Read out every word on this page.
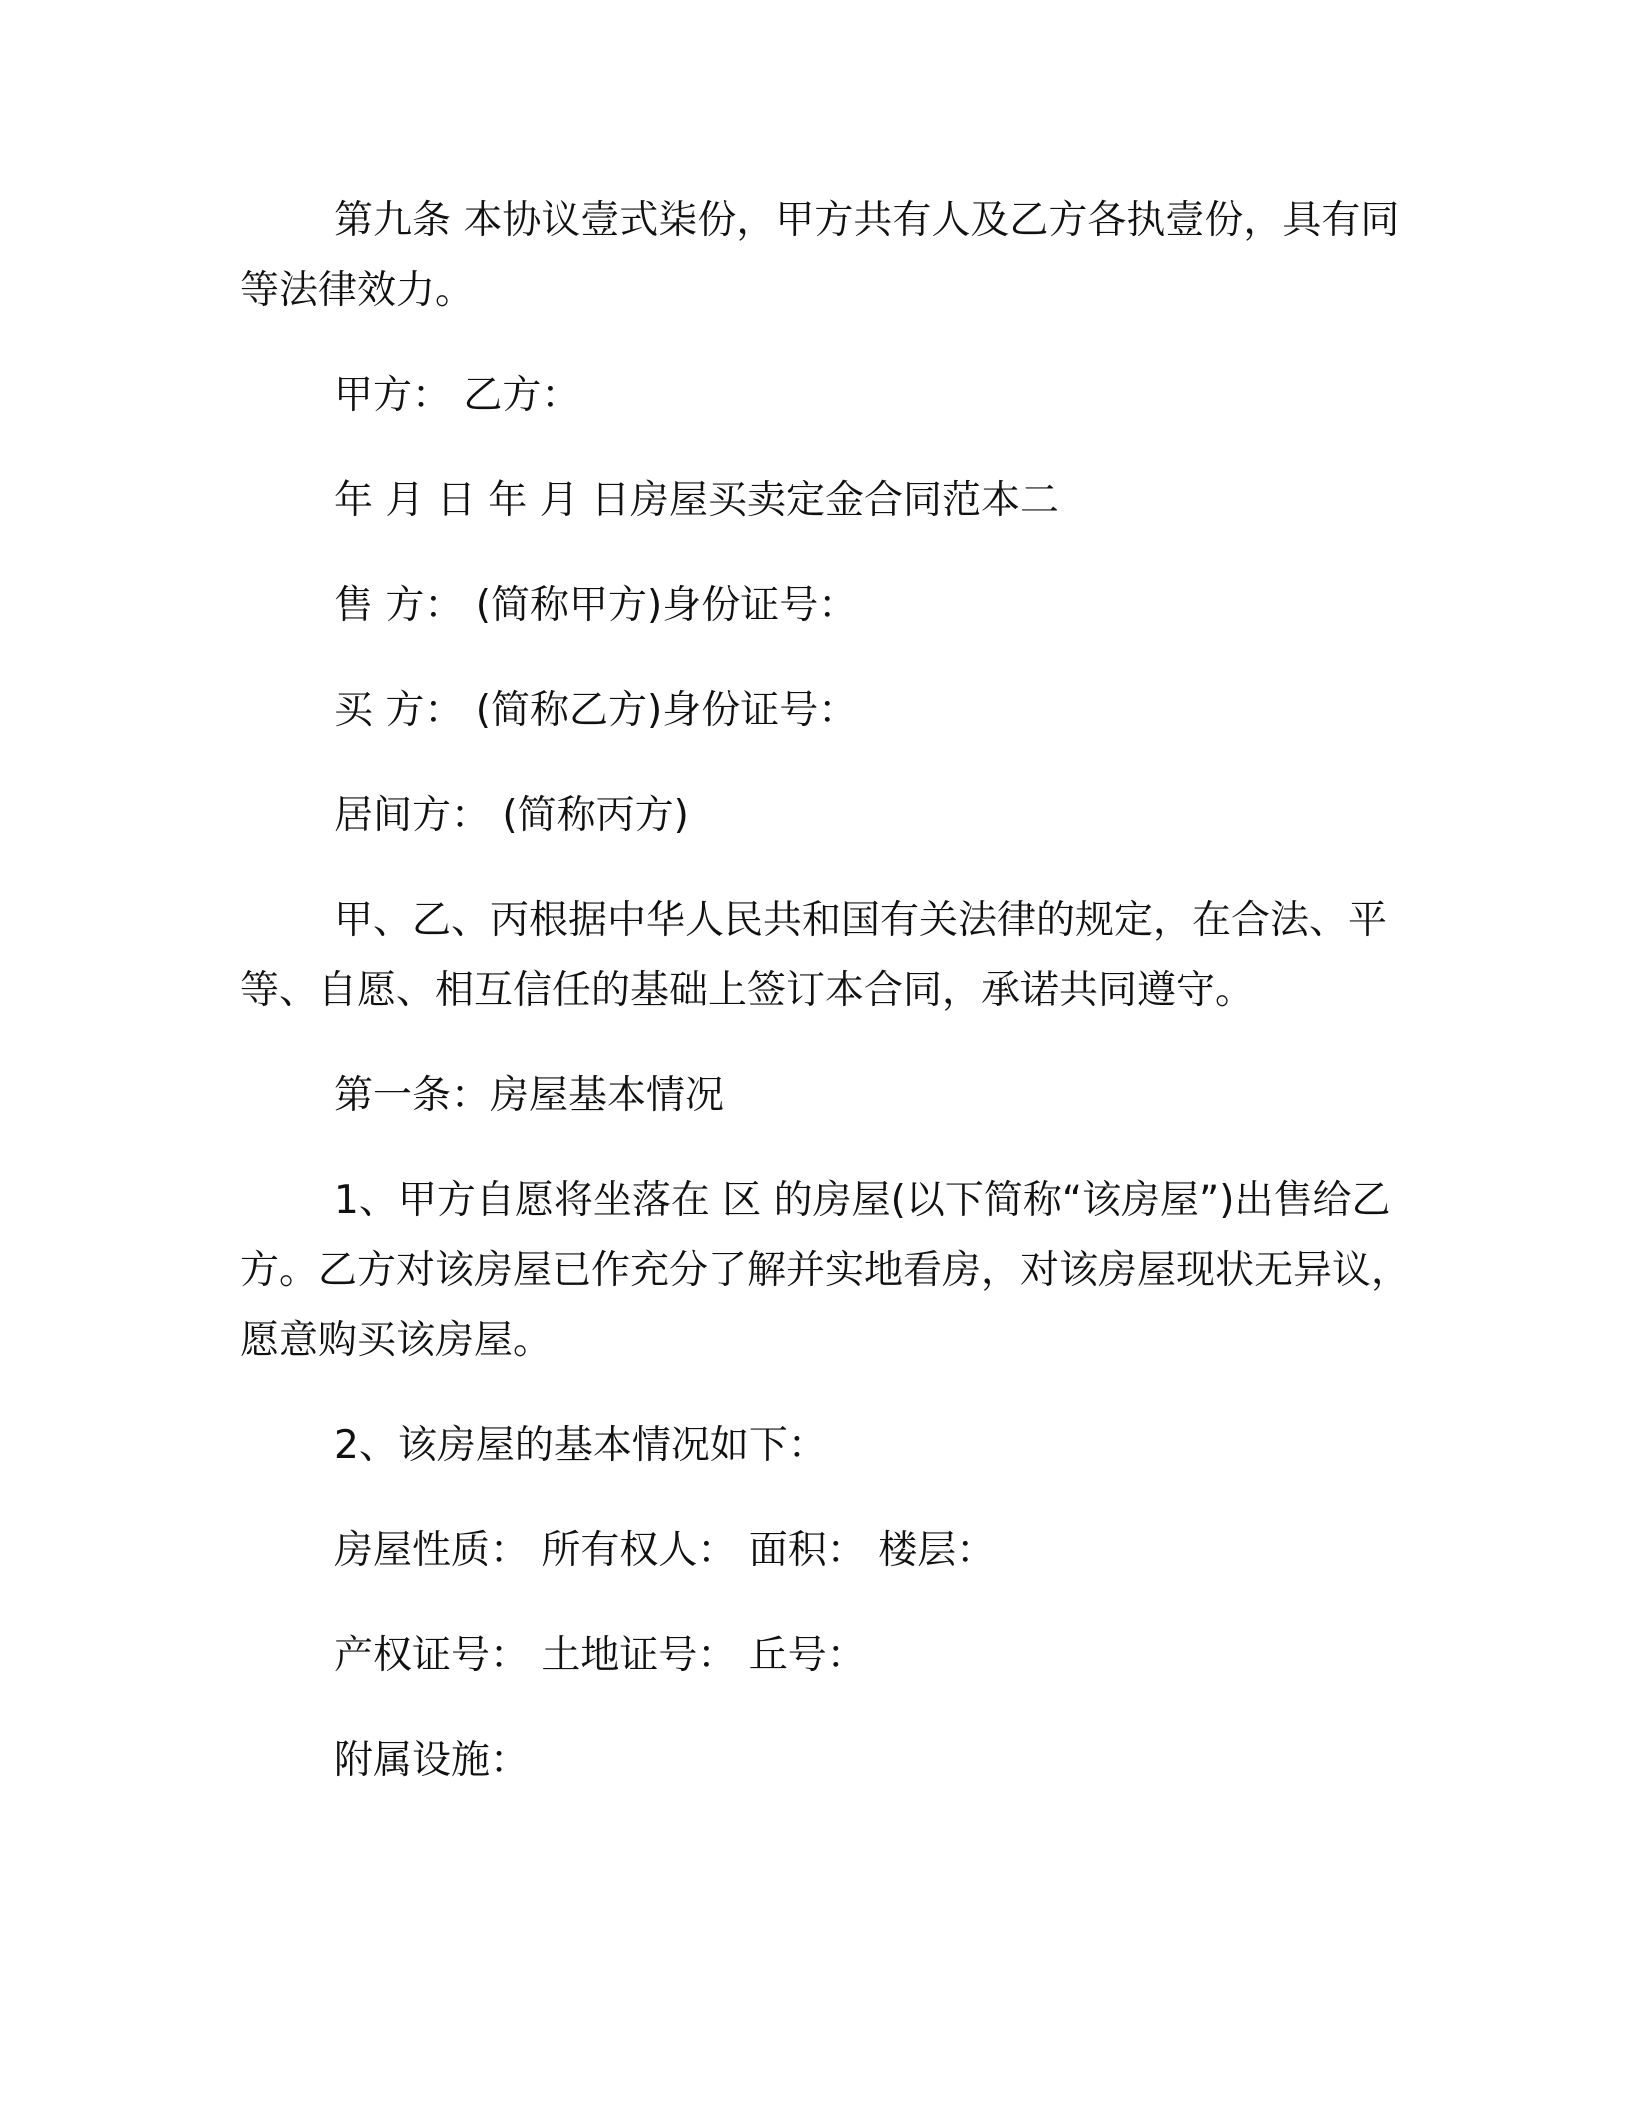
第九条 本协议壹式柒份，甲方共有人及乙方各执壹份，具有同等法律效力。

甲方： 乙方：

年 月 日 年 月 日房屋买卖定金合同范本二

售 方： (简称甲方)身份证号：

买 方： (简称乙方)身份证号：

居间方： (简称丙方)

甲、乙、丙根据中华人民共和国有关法律的规定，在合法、平等、自愿、相互信任的基础上签订本合同，承诺共同遵守。

第一条：房屋基本情况

1、甲方自愿将坐落在 区 的房屋(以下简称“该房屋”)出售给乙方。乙方对该房屋已作充分了解并实地看房，对该房屋现状无异议，愿意购买该房屋。

2、该房屋的基本情况如下：

房屋性质： 所有权人： 面积： 楼层：

产权证号： 土地证号： 丘号：

附属设施：
